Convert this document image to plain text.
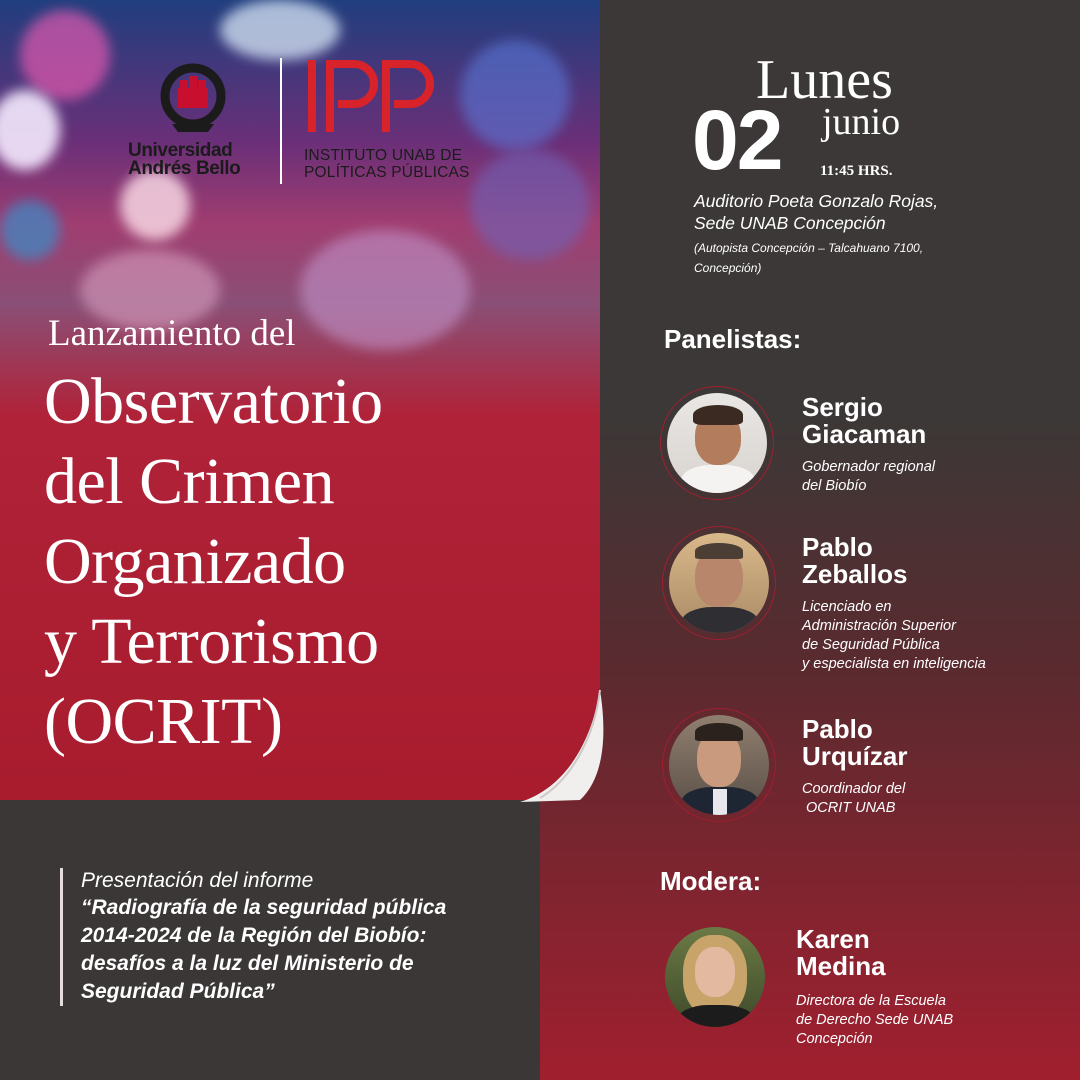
Universidad
Andrés Bello
INSTITUTO UNAB DE
POLÍTICAS PÚBLICAS
Lanzamiento del
Observatorio
del Crimen
Organizado
y Terrorismo
(OCRIT)
Lunes
02 junio
11:45 HRS.
Auditorio Poeta Gonzalo Rojas,
Sede UNAB Concepción
(Autopista Concepción – Talcahuano 7100,
Concepción)
Panelistas:
Sergio
Giacaman
Gobernador regional
del Biobío
Pablo
Zeballos
Licenciado en
Administración Superior
de Seguridad Pública
y especialista en inteligencia
Pablo
Urquízar
Coordinador del
OCRIT UNAB
Modera:
Karen
Medina
Directora de la Escuela
de Derecho Sede UNAB
Concepción
Presentación del informe
“Radiografía de la seguridad pública
2014-2024 de la Región del Biobío:
desafíos a la luz del Ministerio de
Seguridad Pública”
